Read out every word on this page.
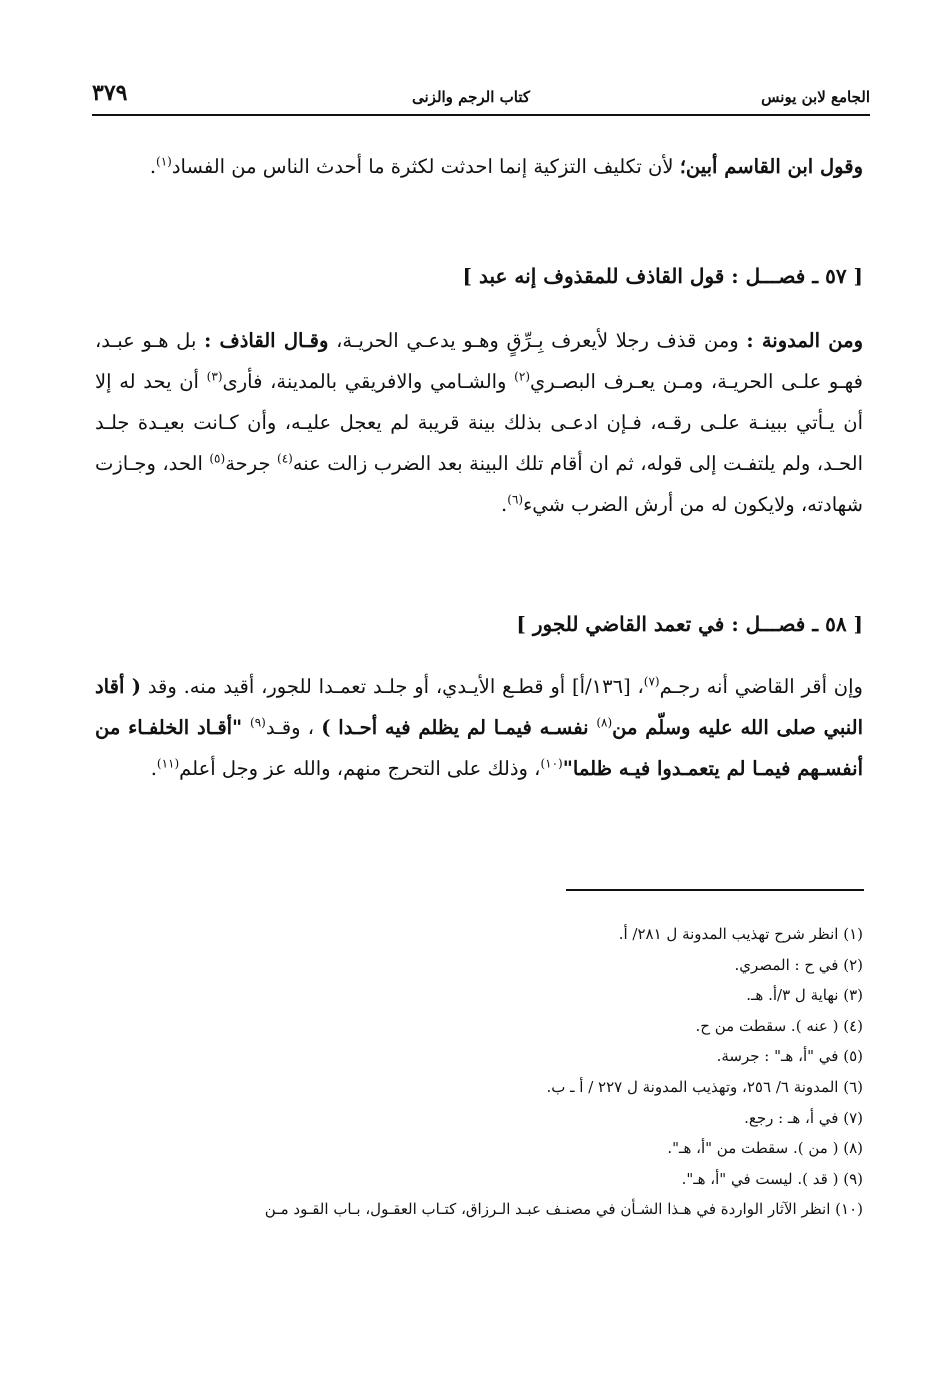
الجامع لابن يونس
كتاب الرجم والزنى
٣٧٩
وقول ابن القاسم أبين؛ لأن تكليف التزكية إنما احدثت لكثرة ما أحدث الناس من الفساد$^{(١)}$.
[ ٥٧ ـ فصـــل : قول القاذف للمقذوف إنه عبد ]
ومن المدونة : ومن قذف رجلا لأيعرف بِـرِّقٍ وهـو يدعـي الحريـة، وقـال القاذف : بل هـو عبـد، فهـو علـى الحريـة، ومـن يعـرف البصـري$^{(٢)}$ والشـامي والافريقي بالمدينة، فأرى$^{(٣)}$ أن يحد له إلا أن يـأتي ببينـة علـى رقـه، فـإن ادعـى بذلك بينة قريبة لم يعجل عليـه، وأن كـانت بعيـدة جلـد الحـد، ولم يلتفـت إلى قوله، ثم ان أقام تلك البينة بعد الضرب زالت عنه$^{(٤)}$ جرحة$^{(٥)}$ الحد، وجـازت شهادته، ولايكون له من أرش الضرب شيء$^{(٦)}$.
[ ٥٨ ـ فصـــل : في تعمد القاضي للجور ]
وإن أقر القاضي أنه رجـم$^{(٧)}$، [١٣٦/أ] أو قطـع الأيـدي، أو جلـد تعمـدا للجور، أقيد منه. وقد ( أقاد النبي صلى الله عليه وسلّم من$^{(٨)}$ نفسـه فيمـا لم يظلم فيه أحـدا ) ، وقـد$^{(٩)}$ "أقـاد الخلفـاء من أنفسـهم فيمـا لم يتعمـدوا فيـه ظلما"$^{(١٠)}$، وذلك على التحرج منهم، والله عز وجل أعلم$^{(١١)}$.
(١) انظر شرح تهذيب المدونة ل ٢٨١/ أ.
(٢) في ح : المصري.
(٣) نهاية ل ٣/أ. هـ.
(٤) ( عنه ). سقطت من ح.
(٥) في "أ، هـ" : جرسة.
(٦) المدونة ٦/ ٢٥٦، وتهذيب المدونة ل ٢٢٧ / أ ـ ب.
(٧) في أ، هـ : رجع.
(٨) ( من ). سقطت من "أ، هـ".
(٩) ( قد ). ليست في "أ، هـ".
(١٠) انظر الآثار الواردة في هـذا الشـأن في مصنـف عبـد الـرزاق، كتـاب العقـول، بـاب القـود مـن
